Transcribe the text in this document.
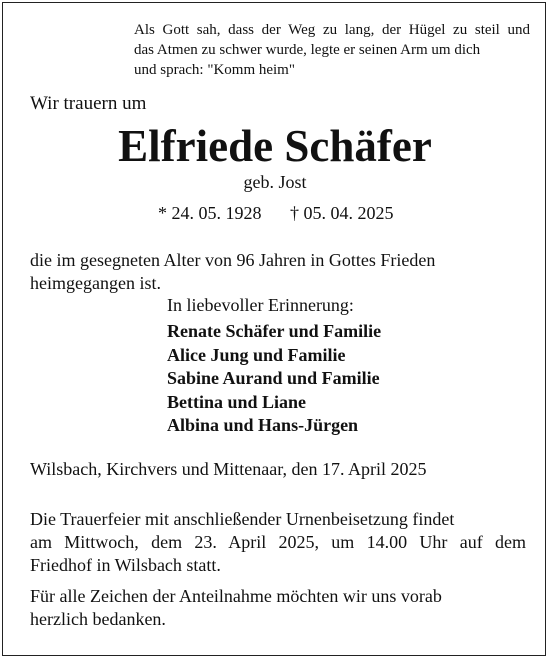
Als Gott sah, dass der Weg zu lang, der Hügel zu steil und
das Atmen zu schwer wurde, legte er seinen Arm um dich
und sprach: "Komm heim"
Wir trauern um
Elfriede Schäfer
geb. Jost
* 24. 05. 1928 † 05. 04. 2025
die im gesegneten Alter von 96 Jahren in Gottes Frieden
heimgegangen ist.
In liebevoller Erinnerung:
Renate Schäfer und Familie
Alice Jung und Familie
Sabine Aurand und Familie
Bettina und Liane
Albina und Hans-Jürgen
Wilsbach, Kirchvers und Mittenaar, den 17. April 2025
Die Trauerfeier mit anschließender Urnenbeisetzung findet
am Mittwoch, dem 23. April 2025, um 14.00 Uhr auf dem
Friedhof in Wilsbach statt.
Für alle Zeichen der Anteilnahme möchten wir uns vorab
herzlich bedanken.
